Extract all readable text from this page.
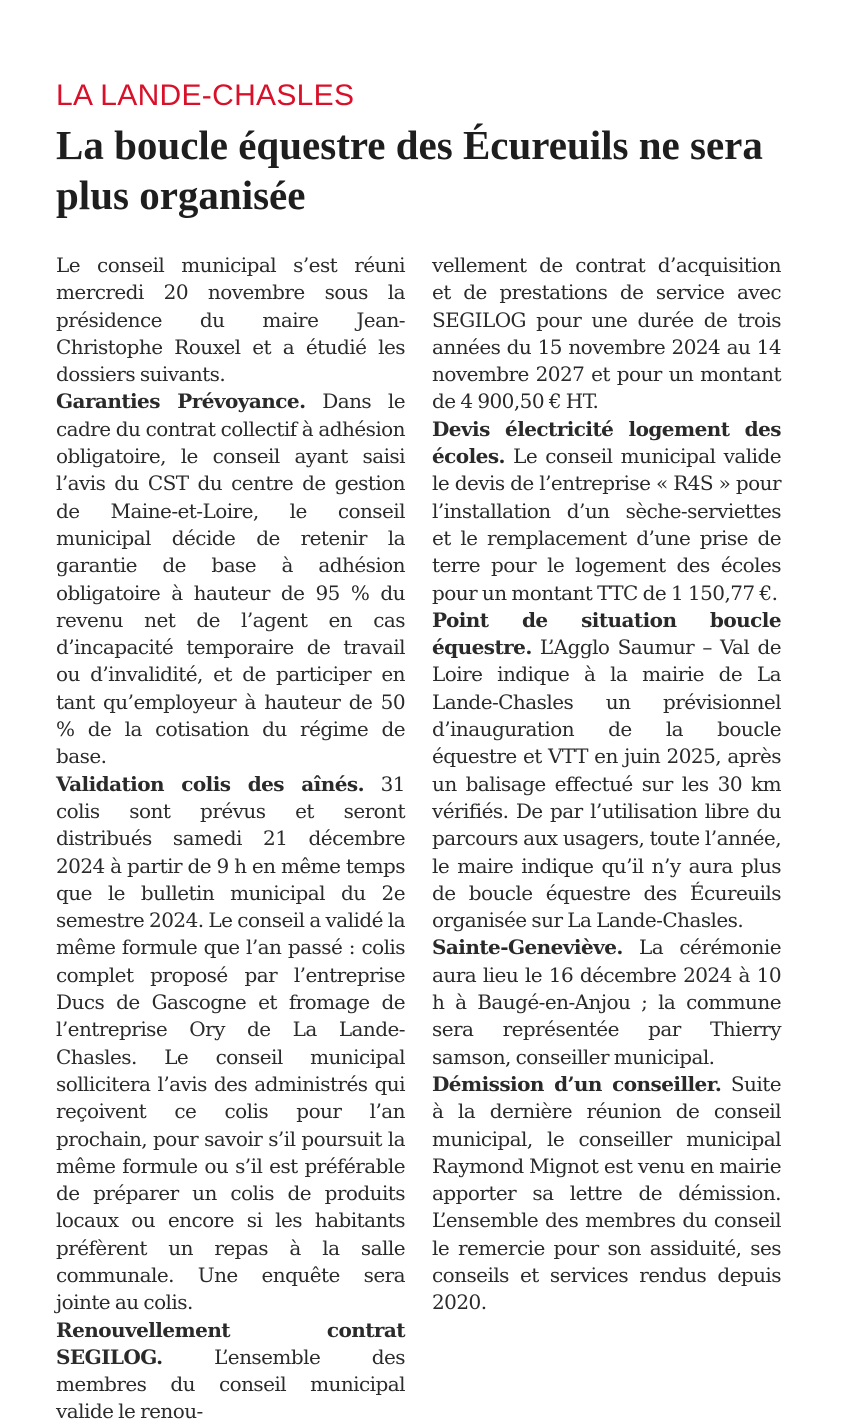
LA LANDE-CHASLES
La boucle équestre des Écureuils ne sera plus organisée

Le conseil municipal s’est réuni mercredi 20 novembre sous la présidence du maire Jean-Christophe Rouxel et a étudié les dossiers suivants.

Garanties Prévoyance. Dans le cadre du contrat collectif à adhésion obligatoire, le conseil ayant saisi l’avis du CST du centre de gestion de Maine-et-Loire, le conseil municipal décide de retenir la garantie de base à adhésion obligatoire à hauteur de 95 % du revenu net de l’agent en cas d’incapacité temporaire de travail ou d’invalidité, et de participer en tant qu’employeur à hauteur de 50 % de la cotisation du régime de base.

Validation colis des aînés. 31 colis sont prévus et seront distribués samedi 21 décembre 2024 à partir de 9 h en même temps que le bulletin municipal du 2e semestre 2024. Le conseil a validé la même formule que l’an passé : colis complet proposé par l’entreprise Ducs de Gascogne et fromage de l’entreprise Ory de La Lande-Chasles. Le conseil municipal sollicitera l’avis des administrés qui reçoivent ce colis pour l’an prochain, pour savoir s’il poursuit la même formule ou s’il est préférable de préparer un colis de produits locaux ou encore si les habitants préfèrent un repas à la salle communale. Une enquête sera jointe au colis.

Renouvellement contrat SEGILOG. L’ensemble des membres du conseil municipal valide le renou-

vellement de contrat d’acquisition et de prestations de service avec SEGILOG pour une durée de trois années du 15 novembre 2024 au 14 novembre 2027 et pour un montant de 4 900,50 € HT.

Devis électricité logement des écoles. Le conseil municipal valide le devis de l’entreprise « R4S » pour l’installation d’un sèche-serviettes et le remplacement d’une prise de terre pour le logement des écoles pour un montant TTC de 1 150,77 €.

Point de situation boucle équestre. L’Agglo Saumur – Val de Loire indique à la mairie de La Lande-Chasles un prévisionnel d’inauguration de la boucle équestre et VTT en juin 2025, après un balisage effectué sur les 30 km vérifiés. De par l’utilisation libre du parcours aux usagers, toute l’année, le maire indique qu’il n’y aura plus de boucle équestre des Écureuils organisée sur La Lande-Chasles.

Sainte-Geneviève. La cérémonie aura lieu le 16 décembre 2024 à 10 h à Baugé-en-Anjou ; la commune sera représentée par Thierry samson, conseiller municipal.

Démission d’un conseiller. Suite à la dernière réunion de conseil municipal, le conseiller municipal Raymond Mignot est venu en mairie apporter sa lettre de démission. L’ensemble des membres du conseil le remercie pour son assiduité, ses conseils et services rendus depuis 2020.
